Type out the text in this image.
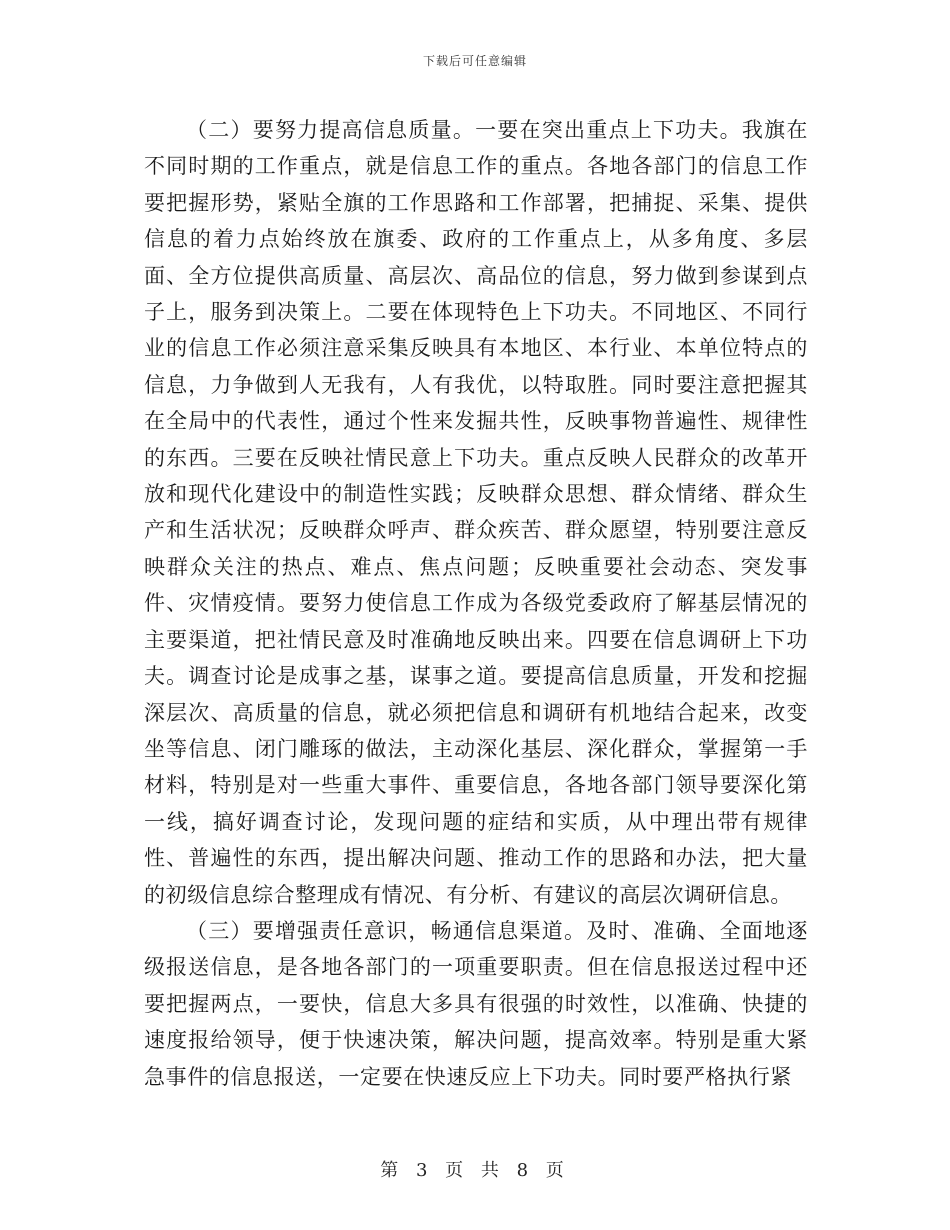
下载后可任意编辑

（二）要努力提高信息质量。一要在突出重点上下功夫。我旗在不同时期的工作重点，就是信息工作的重点。各地各部门的信息工作要把握形势，紧贴全旗的工作思路和工作部署，把捕捉、采集、提供信息的着力点始终放在旗委、政府的工作重点上，从多角度、多层面、全方位提供高质量、高层次、高品位的信息，努力做到参谋到点子上，服务到决策上。二要在体现特色上下功夫。不同地区、不同行业的信息工作必须注意采集反映具有本地区、本行业、本单位特点的信息，力争做到人无我有，人有我优，以特取胜。同时要注意把握其在全局中的代表性，通过个性来发掘共性，反映事物普遍性、规律性的东西。三要在反映社情民意上下功夫。重点反映人民群众的改革开放和现代化建设中的制造性实践；反映群众思想、群众情绪、群众生产和生活状况；反映群众呼声、群众疾苦、群众愿望，特别要注意反映群众关注的热点、难点、焦点问题；反映重要社会动态、突发事件、灾情疫情。要努力使信息工作成为各级党委政府了解基层情况的主要渠道，把社情民意及时准确地反映出来。四要在信息调研上下功夫。调查讨论是成事之基，谋事之道。要提高信息质量，开发和挖掘深层次、高质量的信息，就必须把信息和调研有机地结合起来，改变坐等信息、闭门雕琢的做法，主动深化基层、深化群众，掌握第一手材料，特别是对一些重大事件、重要信息，各地各部门领导要深化第一线，搞好调查讨论，发现问题的症结和实质，从中理出带有规律性、普遍性的东西，提出解决问题、推动工作的思路和办法，把大量的初级信息综合整理成有情况、有分析、有建议的高层次调研信息。

（三）要增强责任意识，畅通信息渠道。及时、准确、全面地逐级报送信息，是各地各部门的一项重要职责。但在信息报送过程中还要把握两点，一要快，信息大多具有很强的时效性，以准确、快捷的速度报给领导，便于快速决策，解决问题，提高效率。特别是重大紧急事件的信息报送，一定要在快速反应上下功夫。同时要严格执行紧

第 3 页 共 8 页
